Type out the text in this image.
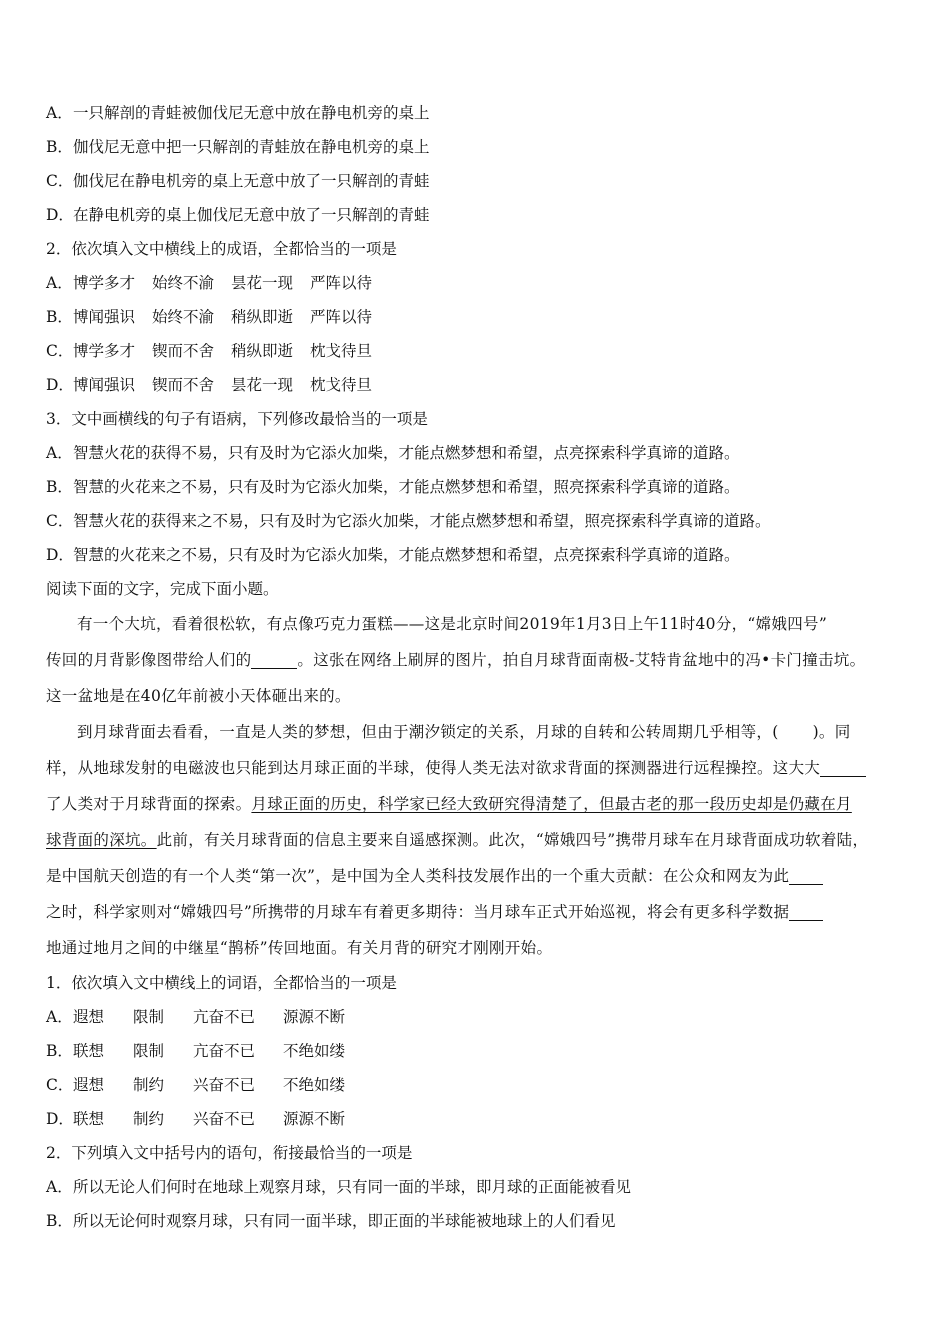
A．一只解剖的青蛙被伽伐尼无意中放在静电机旁的桌上
B．伽伐尼无意中把一只解剖的青蛙放在静电机旁的桌上
C．伽伐尼在静电机旁的桌上无意中放了一只解剖的青蛙
D．在静电机旁的桌上伽伐尼无意中放了一只解剖的青蛙
2．依次填入文中横线上的成语，全都恰当的一项是
A．博学多才 始终不渝 昙花一现 严阵以待
B．博闻强识 始终不渝 稍纵即逝 严阵以待
C．博学多才 锲而不舍 稍纵即逝 枕戈待旦
D．博闻强识 锲而不舍 昙花一现 枕戈待旦
3．文中画横线的句子有语病，下列修改最恰当的一项是
A．智慧火花的获得不易，只有及时为它添火加柴，才能点燃梦想和希望，点亮探索科学真谛的道路。
B．智慧的火花来之不易，只有及时为它添火加柴，才能点燃梦想和希望，照亮探索科学真谛的道路。
C．智慧火花的获得来之不易，只有及时为它添火加柴，才能点燃梦想和希望，照亮探索科学真谛的道路。
D．智慧的火花来之不易，只有及时为它添火加柴，才能点燃梦想和希望，点亮探索科学真谛的道路。
阅读下面的文字，完成下面小题。
有一个大坑，看着很松软，有点像巧克力蛋糕——这是北京时间2019年1月3日上午11时40分，“嫦娥四号”
传回的月背影像图带给人们的	。这张在网络上刷屏的图片，拍自月球背面南极-艾特肯盆地中的冯•卡门撞击坑。
这一盆地是在40亿年前被小天体砸出来的。
到月球背面去看看，一直是人类的梦想，但由于潮汐锁定的关系，月球的自转和公转周期几乎相等，( )。同
样，从地球发射的电磁波也只能到达月球正面的半球，使得人类无法对欲求背面的探测器进行远程操控。这大大
了人类对于月球背面的探索。月球正面的历史，科学家已经大致研究得清楚了，但最古老的那一段历史却是仍藏在月
球背面的深坑。此前，有关月球背面的信息主要来自遥感探测。此次，“嫦娥四号”携带月球车在月球背面成功软着陆，
是中国航天创造的有一个人类“第一次”，是中国为全人类科技发展作出的一个重大贡献：在公众和网友为此
之时，科学家则对“嫦娥四号”所携带的月球车有着更多期待：当月球车正式开始巡视，将会有更多科学数据
地通过地月之间的中继星“鹊桥”传回地面。有关月背的研究才刚刚开始。
1．依次填入文中横线上的词语，全都恰当的一项是
A．遐想 限制 亢奋不已 源源不断
B．联想 限制 亢奋不已 不绝如缕
C．遐想 制约 兴奋不已 不绝如缕
D．联想 制约 兴奋不已 源源不断
2．下列填入文中括号内的语句，衔接最恰当的一项是
A．所以无论人们何时在地球上观察月球，只有同一面的半球，即月球的正面能被看见
B．所以无论何时观察月球，只有同一面半球，即正面的半球能被地球上的人们看见
